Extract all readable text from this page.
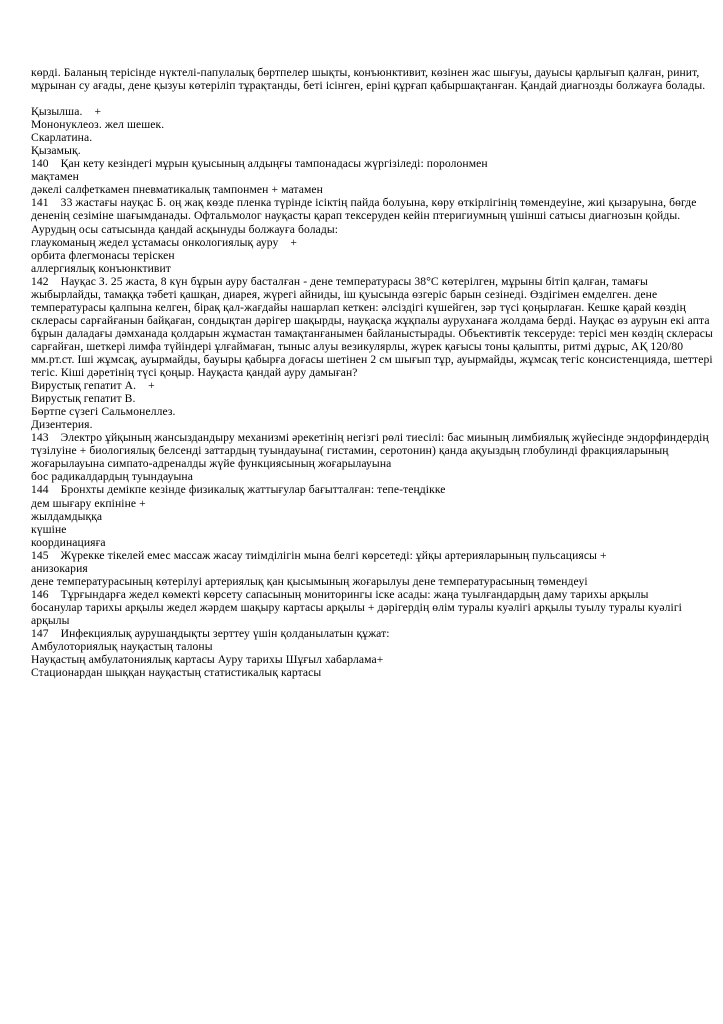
көрді. Баланың терісінде нүктелі-папулалық бөртпелер шықты, конъюнктивит, көзінен жас шығуы, дауысы қарлығып қалған, ринит,
мұрынан су ағады, дене қызуы көтеріліп тұрақтанды, беті ісінген, еріні құрғап қабыршақтанған. Қандай диагнозды болжауға болады.
Қызылша.    +
Мононуклеоз. жел шешек.
Скарлатина.
Қызамық.
140    Қан кету кезіндегі мұрын қуысының алдыңғы тампонадасы жүргізіледі: поролонмен
мақтамен
дәкелі салфеткамен пневматикалық тампонмен + матамен
141    33 жастағы науқас Б. оң жақ көзде пленка түрінде ісіктің пайда болуына, көру өткірлігінің төмендеуіне, жиі қызаруына, бөгде
дененің сезіміне шағымданады. Офтальмолог науқасты қарап тексеруден кейін птеригиумның үшінші сатысы диагнозын қойды.
Аурудың осы сатысында қандай асқынуды болжауға болады:
глаукоманың жедел ұстамасы онкологиялық ауру    +
орбита флегмонасы теріскен
аллергиялық конъюнктивит
142    Науқас З. 25 жаста, 8 күн бұрын ауру басталған - дене температурасы 38°С көтерілген, мұрыны бітіп қалған, тамағы
жыбырлайды, тамаққа тәбеті қашқан, диарея, жүрегі айниды, іш қуысында өзгеріс барын сезінеді. Өздігімен емделген. дене
температурасы қалпына келген, бірақ қал-жағдайы нашарлап кеткен: әлсіздігі күшейген, зәр түсі қоңырлаған. Кешке қарай көздің
склерасы сарғайғанын байқаған, сондықтан дәрігер шақырды, науқасқа жұқпалы ауруханаға жолдама берді. Науқас өз ауруын екі апта
бұрын даладағы дәмханада қолдарын жұмастан тамақтанғанымен байланыстырады. Объективтік тексеруде: терісі мен көздің склерасы
сарғайған, шеткері лимфа түйіндері ұлғаймаған, тыныс алуы везикулярлы, жүрек қағысы тоны қалыпты, ритмі дұрыс, АҚ 120/80
мм.рт.ст. Іші жұмсақ, ауырмайды, бауыры қабырға доғасы шетінен 2 см шығып тұр, ауырмайды, жұмсақ тегіс консистенцияда, шеттері
тегіс. Кіші дәретінің түсі қоңыр. Науқаста қандай ауру дамыған?
Вирустық гепатит А.    +
Вирустық гепатит В.
Бөртпе сүзегі Сальмонеллез.
Дизентерия.
143    Электро ұйқының жансыздандыру механизмі әрекетінің негізгі рөлі тиесілі: бас миының лимбиялық жүйесінде эндорфиндердің
түзілуіне + биологиялық белсенді заттардың туындауына( гистамин, серотонин) қанда ақуыздың глобулинді фракцияларының
жоғарылауына симпато-адреналды жүйе функциясының жоғарылауына
бос радикалдардың туындауына
144    Бронхты демікпе кезінде физикалық жаттығулар бағытталған: тепе-теңдікке
дем шығару екпініне +
жылдамдыққа
күшіне
координацияға
145    Жүрекке тікелей емес массаж жасау тиімділігін мына белгі көрсетеді: ұйқы артерияларының пульсациясы +
анизокария
дене температурасының көтерілуі артериялық қан қысымының жоғарылуы дене температурасының төмендеуі
146    Тұрғындарға жедел көмекті көрсету сапасының мониторингы іске асады: жаңа туылғандардың даму тарихы арқылы
босанулар тарихы арқылы жедел жәрдем шақыру картасы арқылы + дәрігердің өлім туралы куәлігі арқылы туылу туралы куәлігі
арқылы
147    Инфекциялық аурушаңдықты зерттеу үшін қолданылатын құжат:
Амбулоториялық науқастың талоны
Науқастың амбулатониялық картасы Ауру тарихы Шұғыл хабарлама+
Стационардан шыққан науқастың статистикалық картасы
